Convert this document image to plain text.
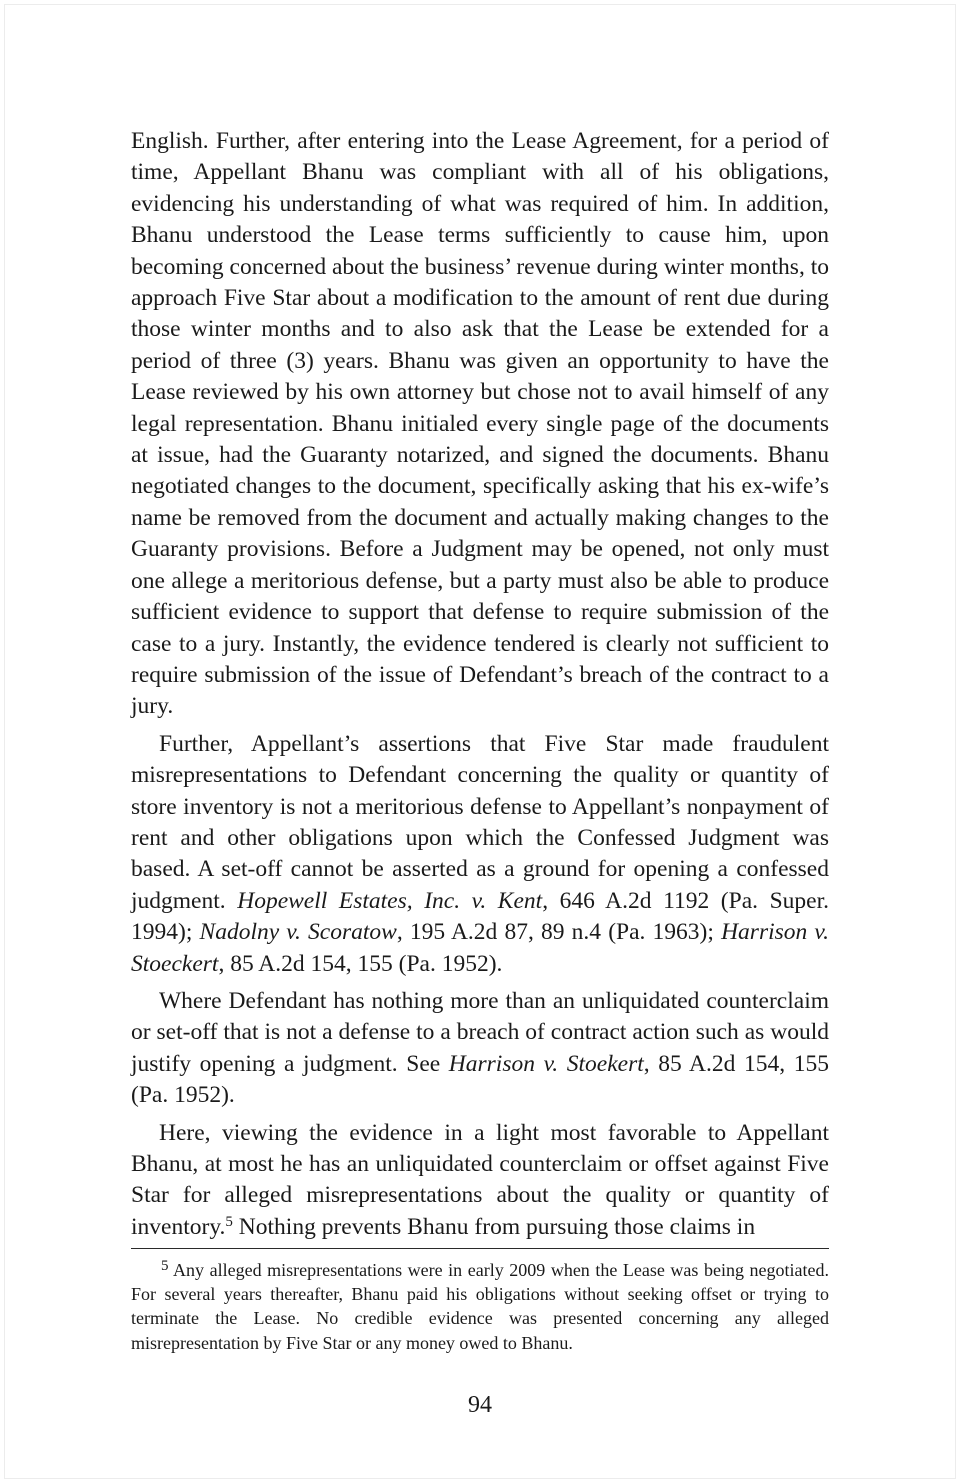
English. Further, after entering into the Lease Agreement, for a period of time, Appellant Bhanu was compliant with all of his obligations, evidencing his understanding of what was required of him. In addition, Bhanu understood the Lease terms sufficiently to cause him, upon becoming concerned about the business’ revenue during winter months, to approach Five Star about a modification to the amount of rent due during those winter months and to also ask that the Lease be extended for a period of three (3) years. Bhanu was given an opportunity to have the Lease reviewed by his own attorney but chose not to avail himself of any legal representation. Bhanu initialed every single page of the documents at issue, had the Guaranty notarized, and signed the documents. Bhanu negotiated changes to the document, specifically asking that his ex-wife’s name be removed from the document and actually making changes to the Guaranty provisions. Before a Judgment may be opened, not only must one allege a meritorious defense, but a party must also be able to produce sufficient evidence to support that defense to require submission of the case to a jury. Instantly, the evidence tendered is clearly not sufficient to require submission of the issue of Defendant’s breach of the contract to a jury.

Further, Appellant’s assertions that Five Star made fraudulent misrepresentations to Defendant concerning the quality or quantity of store inventory is not a meritorious defense to Appellant’s nonpayment of rent and other obligations upon which the Confessed Judgment was based. A set-off cannot be asserted as a ground for opening a confessed judgment. Hopewell Estates, Inc. v. Kent, 646 A.2d 1192 (Pa. Super. 1994); Nadolny v. Scoratow, 195 A.2d 87, 89 n.4 (Pa. 1963); Harrison v. Stoeckert, 85 A.2d 154, 155 (Pa. 1952).

Where Defendant has nothing more than an unliquidated counterclaim or set-off that is not a defense to a breach of contract action such as would justify opening a judgment. See Harrison v. Stoekert, 85 A.2d 154, 155 (Pa. 1952).

Here, viewing the evidence in a light most favorable to Appellant Bhanu, at most he has an unliquidated counterclaim or offset against Five Star for alleged misrepresentations about the quality or quantity of inventory.$^5$ Nothing prevents Bhanu from pursuing those claims in

$^5$ Any alleged misrepresentations were in early 2009 when the Lease was being negotiated. For several years thereafter, Bhanu paid his obligations without seeking offset or trying to terminate the Lease. No credible evidence was presented concerning any alleged misrepresentation by Five Star or any money owed to Bhanu.

94
